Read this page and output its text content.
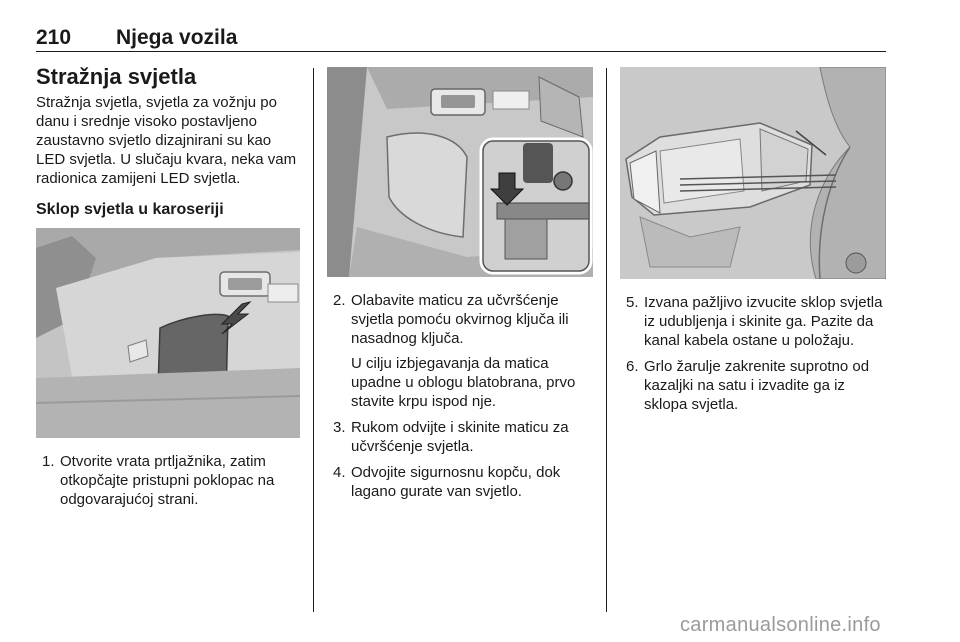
210 Njega vozila
Stražnja svjetla

Stražnja svjetla, svjetla za vožnju po danu i srednje visoko postavljeno zaustavno svjetlo dizajnirani su kao LED svjetla. U slučaju kvara, neka vam radionica zamijeni LED svjetla.

Sklop svjetla u karoseriji
1. Otvorite vrata prtljažnika, zatim otkopčajte pristupni poklopac na odgovarajućoj strani.
2. Olabavite maticu za učvršćenje svjetla pomoću okvirnog ključa ili nasadnog ključa.
U cilju izbjegavanja da matica upadne u oblogu blatobrana, prvo stavite krpu ispod nje.
3. Rukom odvijte i skinite maticu za učvršćenje svjetla.
4. Odvojite sigurnosnu kopču, dok lagano gurate van svjetlo.
5. Izvana pažljivo izvucite sklop svjetla iz udubljenja i skinite ga. Pazite da kanal kabela ostane u položaju.
6. Grlo žarulje zakrenite suprotno od kazaljki na satu i izvadite ga iz sklopa svjetla.
carmanualsonline.info
